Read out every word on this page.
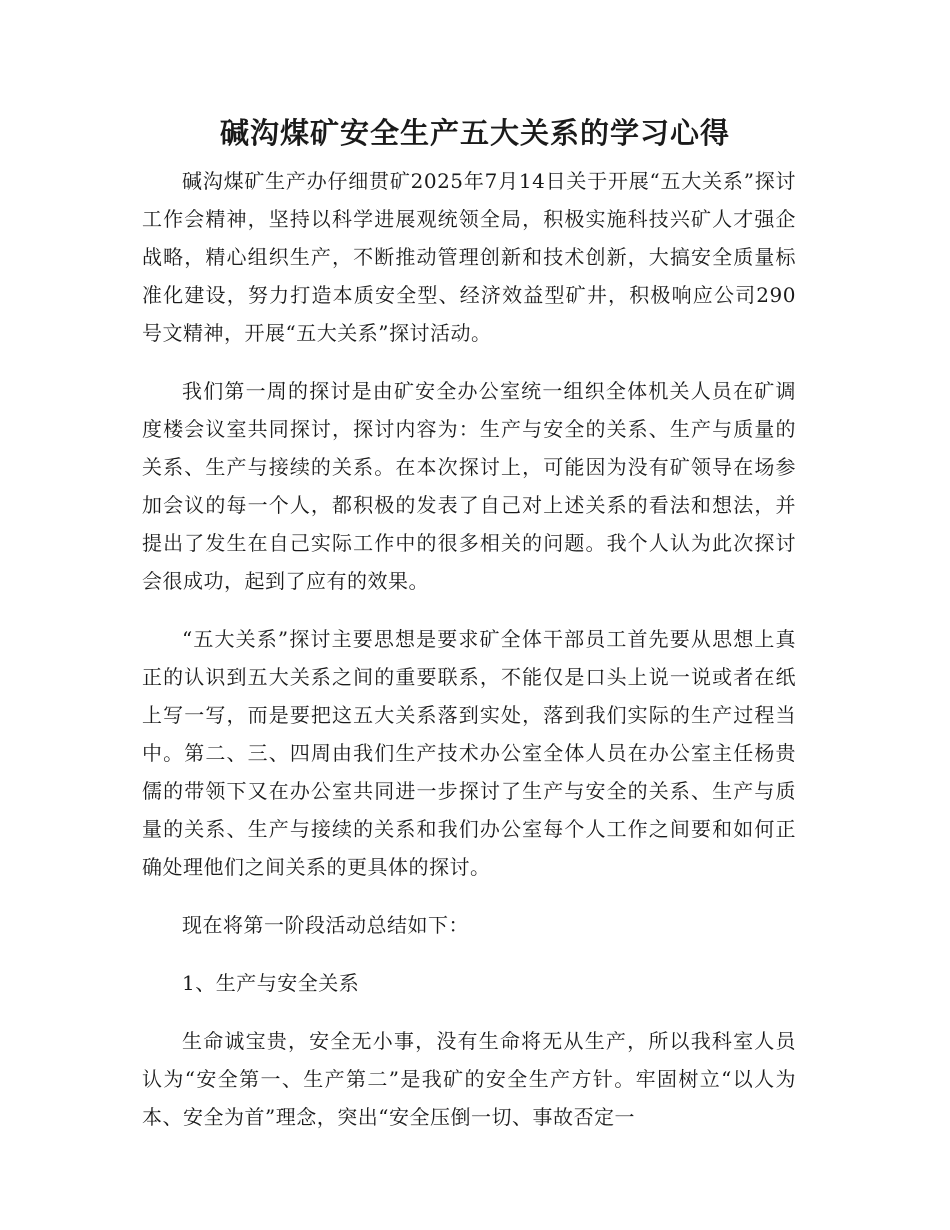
碱沟煤矿安全生产五大关系的学习心得

碱沟煤矿生产办仔细贯矿2025年7月14日关于开展“五大关系”探讨工作会精神，坚持以科学进展观统领全局，积极实施科技兴矿人才强企战略，精心组织生产，不断推动管理创新和技术创新，大搞安全质量标准化建设，努力打造本质安全型、经济效益型矿井，积极响应公司290号文精神，开展“五大关系”探讨活动。

我们第一周的探讨是由矿安全办公室统一组织全体机关人员在矿调度楼会议室共同探讨，探讨内容为：生产与安全的关系、生产与质量的关系、生产与接续的关系。在本次探讨上，可能因为没有矿领导在场参加会议的每一个人，都积极的发表了自己对上述关系的看法和想法，并提出了发生在自己实际工作中的很多相关的问题。我个人认为此次探讨会很成功，起到了应有的效果。

“五大关系”探讨主要思想是要求矿全体干部员工首先要从思想上真正的认识到五大关系之间的重要联系，不能仅是口头上说一说或者在纸上写一写，而是要把这五大关系落到实处，落到我们实际的生产过程当中。第二、三、四周由我们生产技术办公室全体人员在办公室主任杨贵儒的带领下又在办公室共同进一步探讨了生产与安全的关系、生产与质量的关系、生产与接续的关系和我们办公室每个人工作之间要和如何正确处理他们之间关系的更具体的探讨。

现在将第一阶段活动总结如下：

1、生产与安全关系

生命诚宝贵，安全无小事，没有生命将无从生产，所以我科室人员认为“安全第一、生产第二”是我矿的安全生产方针。牢固树立“以人为本、安全为首”理念，突出“安全压倒一切、事故否定一
